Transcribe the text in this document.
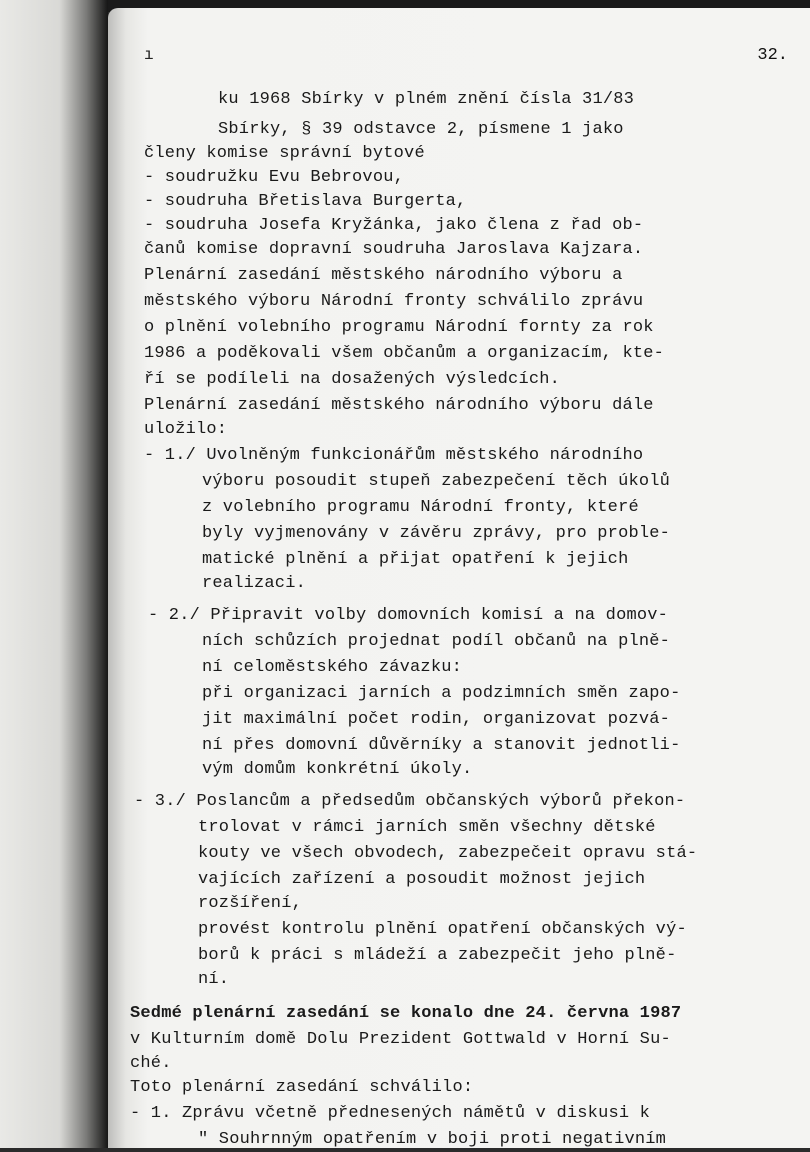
ı	32.
ku 1968 Sbírky v plném znění čísla 31/83
Sbírky, § 39 odstavce 2, písmene 1 jako
členy komise správní bytové
- soudružku Evu Bebrovou,
- soudruha Břetislava Burgerta,
- soudruha Josefa Kryžánka, jako člena z řad ob-
čanů komise dopravní soudruha Jaroslava Kajzara.
Plenární zasedání městského národního výboru a
městského výboru Národní fronty schválilo zprávu
o plnění volebního programu Národní fornty za rok
1986 a poděkovali všem občanům a organizacím, kte-
ří se podíleli na dosažených výsledcích.
Plenární zasedání městského národního výboru dále
uložilo:
- 1./ Uvolněným funkcionářům městského národního
výboru posoudit stupeň zabezpečení těch úkolů
z volebního programu Národní fronty, které
byly vyjmenovány v závěru zprávy, pro proble-
matické plnění a přijat opatření k jejich
realizaci.
- 2./ Připravit volby domovních komisí a na domov-
ních schůzích projednat podíl občanů na plně-
ní celoměstského závazku:
při organizaci jarních a podzimních směn zapo-
jit maximální počet rodin, organizovat pozvá-
ní přes domovní důvěrníky a stanovit jednotli-
vým domům konkrétní úkoly.
- 3./ Poslancům a předsedům občanských výborů překon-
trolovat v rámci jarních směn všechny dětské
kouty ve všech obvodech, zabezpečeit opravu stá-
vajících zařízení a posoudit možnost jejich
rozšíření,
provést kontrolu plnění opatření občanských vý-
borů k práci s mládeží a zabezpečit jeho plně-
ní.
Sedmé plenární zasedání se konalo dne 24. června 1987
v Kulturním domě Dolu Prezident Gottwald v Horní Su-
ché.
Toto plenární zasedání schválilo:
- 1. Zprávu včetně přednesených námětů v diskusi k
" Souhrnným opatřením v boji proti negativním
